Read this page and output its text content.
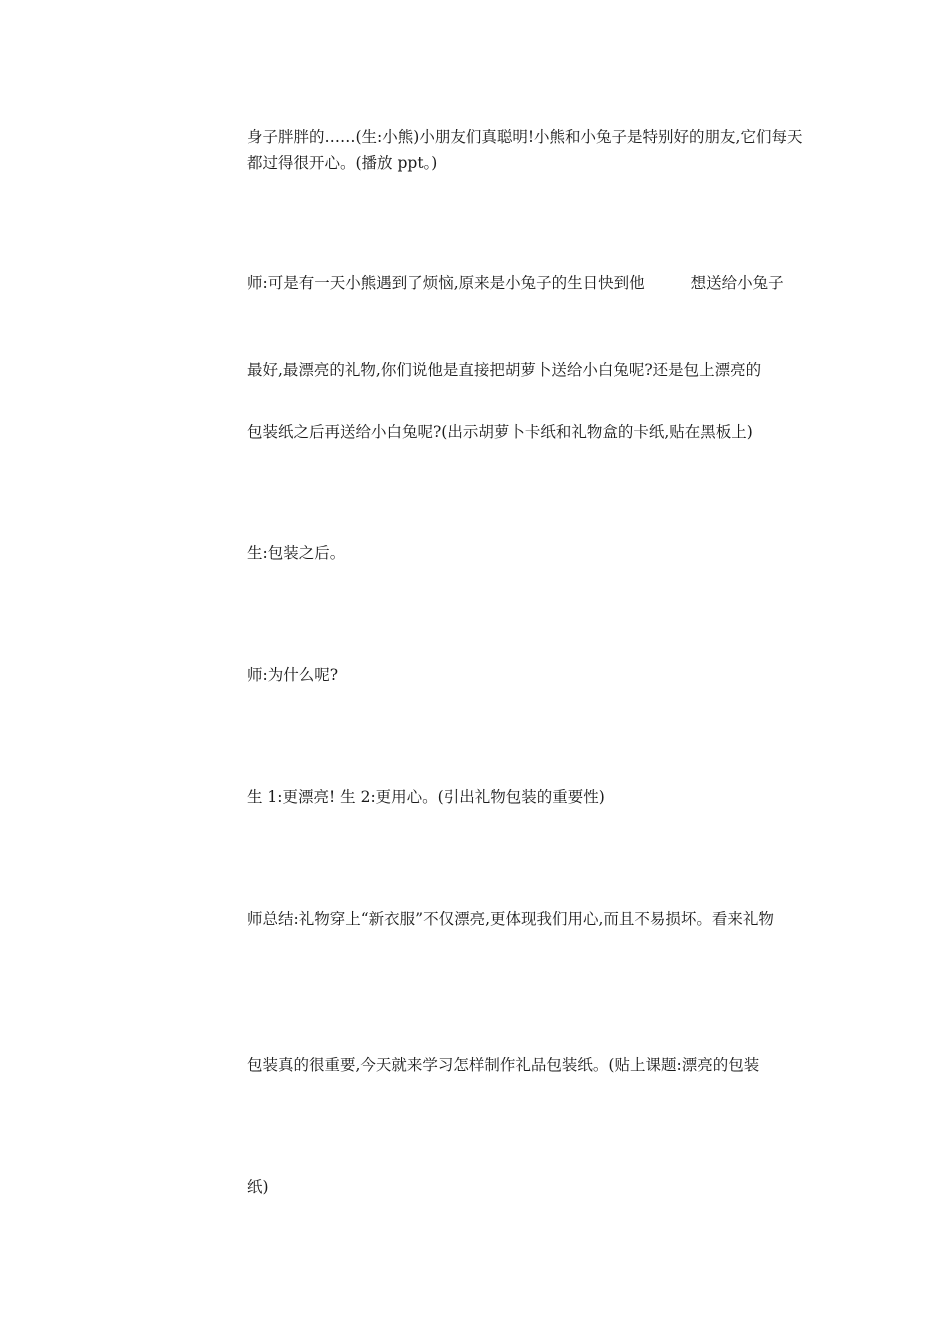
身子胖胖的……(生:小熊)小朋友们真聪明!小熊和小兔子是特别好的朋友,它们每天都过得很开心。(播放 ppt。)

师:可是有一天小熊遇到了烦恼,原来是小兔子的生日快到他	想送给小兔子

最好,最漂亮的礼物,你们说他是直接把胡萝卜送给小白兔呢?还是包上漂亮的

包装纸之后再送给小白兔呢?(出示胡萝卜卡纸和礼物盒的卡纸,贴在黑板上)

生:包装之后。

师:为什么呢?

生 1:更漂亮! 生 2:更用心。(引出礼物包装的重要性)

师总结:礼物穿上“新衣服”不仅漂亮,更体现我们用心,而且不易损坏。看来礼物

包装真的很重要,今天就来学习怎样制作礼品包装纸。(贴上课题:漂亮的包装

纸)
